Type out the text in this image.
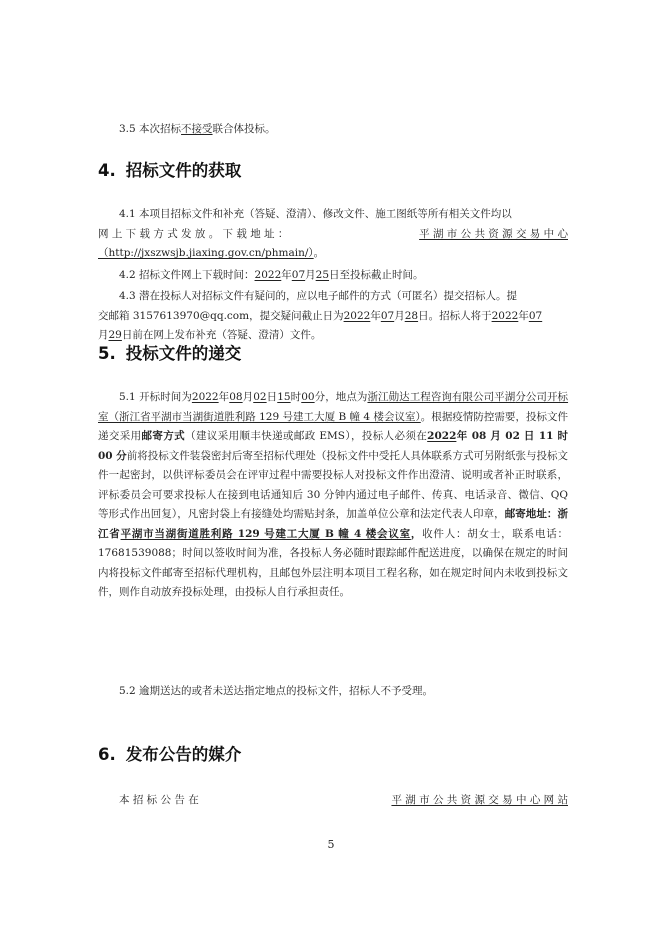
3.5 本次招标不接受联合体投标。

4. 招标文件的获取
4.1 本项目招标文件和补充（答疑、澄清）、修改文件、施工图纸等所有相关文件均以
网 上 下 载 方 式 发 放 。 下 载 地 址 ：	平 湖 市 公 共 资 源 交 易 中 心
（http://jxszwsjb.jiaxing.gov.cn/phmain/）。

4.2 招标文件网上下载时间：2022年07月25日至投标截止时间。

4.3 潜在投标人对招标文件有疑问的，应以电子邮件的方式（可匿名）提交招标人。提
交邮箱 3157613970@qq.com，提交疑问截止日为2022年07月28日。招标人将于2022年07
月29日前在网上发布补充（答疑、澄清）文件。
5. 投标文件的递交

5.1 开标时间为2022年08月02日15时00分，地点为浙江勋达工程咨询有限公司平湖分公司开标室（浙江省平湖市当湖街道胜利路 129 号建工大厦 B 幢 4 楼会议室）。根据疫情防控需要，投标文件递交采用邮寄方式（建议采用顺丰快递或邮政 EMS），投标人必须在2022年 08 月 02 日 11 时 00 分前将投标文件装袋密封后寄至招标代理处（投标文件中受托人具体联系方式可另附纸张与投标文件一起密封，以供评标委员会在评审过程中需要投标人对投标文件作出澄清、说明或者补正时联系，评标委员会可要求投标人在接到电话通知后 30 分钟内通过电子邮件、传真、电话录音、微信、QQ 等形式作出回复），凡密封袋上有接缝处均需贴封条，加盖单位公章和法定代表人印章，邮寄地址：浙江省平湖市当湖街道胜利路 129 号建工大厦 B 幢 4 楼会议室，收件人：胡女士，联系电话：17681539088；时间以签收时间为准，各投标人务必随时跟踪邮件配送进度，以确保在规定的时间内将投标文件邮寄至招标代理机构，且邮包外层注明本项目工程名称，如在规定时间内未收到投标文件，则作自动放弃投标处理，由投标人自行承担责任。

5.2 逾期送达的或者未送达指定地点的投标文件，招标人不予受理。

6. 发布公告的媒介
本 招 标 公 告 在	平 湖 市 公 共 资 源 交 易 中 心 网 站
5
